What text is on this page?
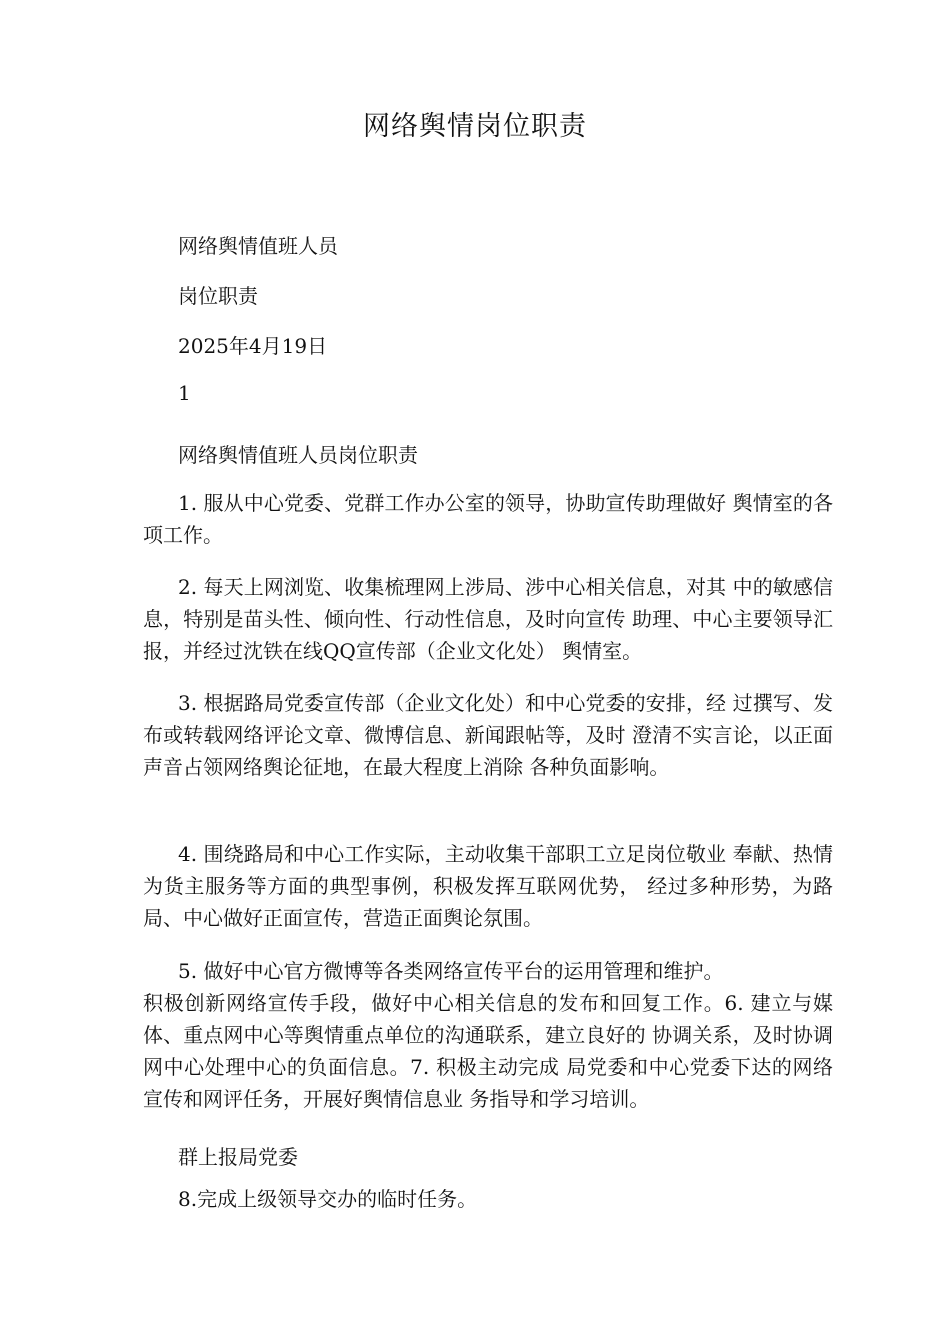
网络舆情岗位职责
网络舆情值班人员
岗位职责
2025年4月19日
1
网络舆情值班人员岗位职责

1. 服从中心党委、党群工作办公室的领导，协助宣传助理做好 舆情室的各项工作。

2. 每天上网浏览、收集梳理网上涉局、涉中心相关信息，对其 中的敏感信息，特别是苗头性、倾向性、行动性信息，及时向宣传 助理、中心主要领导汇报，并经过沈铁在线QQ宣传部（企业文化处） 舆情室。

3. 根据路局党委宣传部（企业文化处）和中心党委的安排，经 过撰写、发布或转载网络评论文章、微博信息、新闻跟帖等，及时 澄清不实言论，以正面声音占领网络舆论征地，在最大程度上消除 各种负面影响。

4. 围绕路局和中心工作实际，主动收集干部职工立足岗位敬业 奉献、热情为货主服务等方面的典型事例，积极发挥互联网优势， 经过多种形势，为路局、中心做好正面宣传，营造正面舆论氛围。

5. 做好中心官方微博等各类网络宣传平台的运用管理和维护。

积极创新网络宣传手段，做好中心相关信息的发布和回复工作。6. 建立与媒体、重点网中心等舆情重点单位的沟通联系，建立良好的 协调关系，及时协调网中心处理中心的负面信息。7. 积极主动完成 局党委和中心党委下达的网络宣传和网评任务，开展好舆情信息业 务指导和学习培训。

群上报局党委
8.完成上级领导交办的临时任务。
